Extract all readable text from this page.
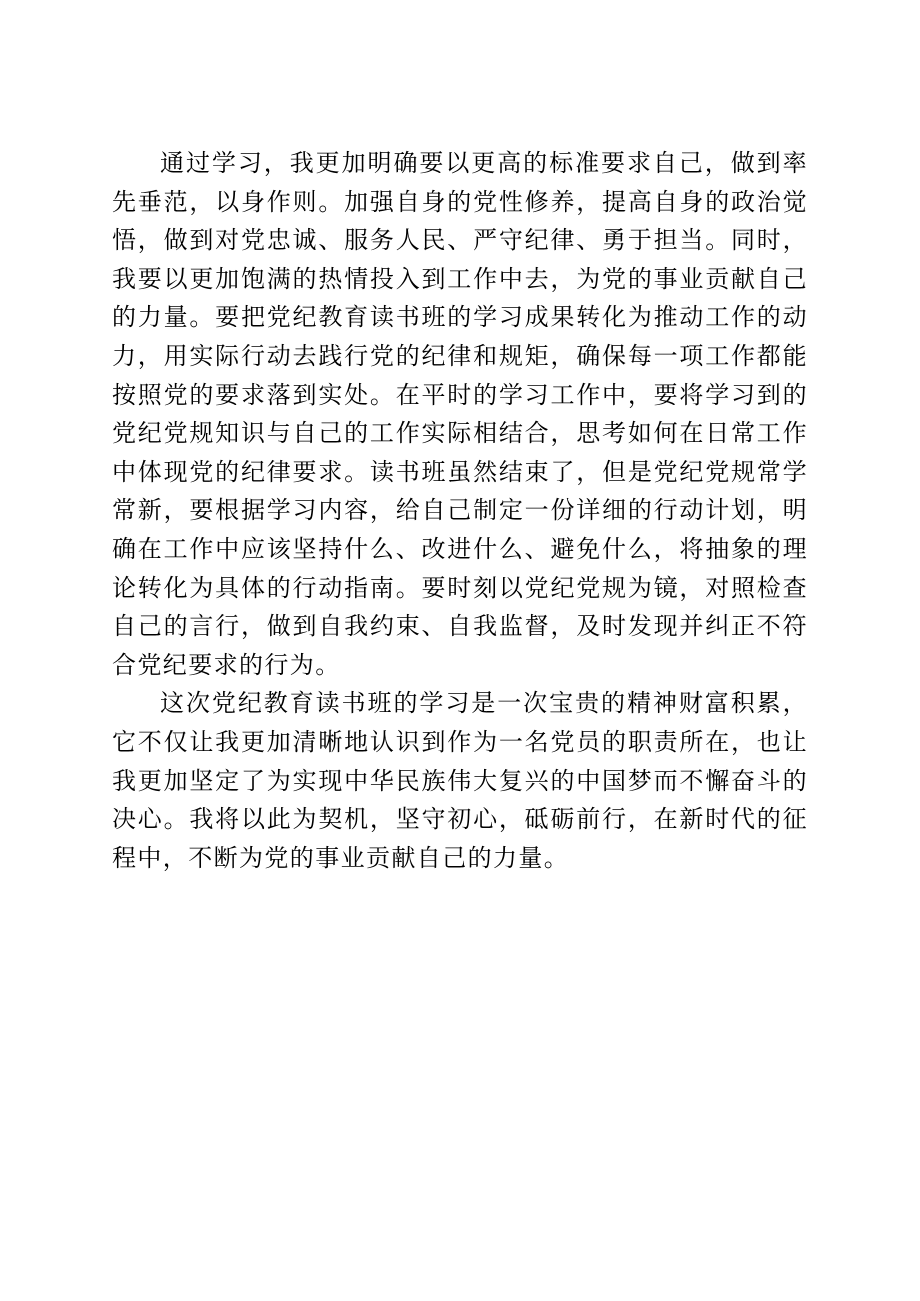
通过学习，我更加明确要以更高的标准要求自己，做到率先垂范，以身作则。加强自身的党性修养，提高自身的政治觉悟，做到对党忠诚、服务人民、严守纪律、勇于担当。同时，我要以更加饱满的热情投入到工作中去，为党的事业贡献自己的力量。要把党纪教育读书班的学习成果转化为推动工作的动力，用实际行动去践行党的纪律和规矩，确保每一项工作都能按照党的要求落到实处。在平时的学习工作中，要将学习到的党纪党规知识与自己的工作实际相结合，思考如何在日常工作中体现党的纪律要求。读书班虽然结束了，但是党纪党规常学常新，要根据学习内容，给自己制定一份详细的行动计划，明确在工作中应该坚持什么、改进什么、避免什么，将抽象的理论转化为具体的行动指南。要时刻以党纪党规为镜，对照检查自己的言行，做到自我约束、自我监督，及时发现并纠正不符合党纪要求的行为。

这次党纪教育读书班的学习是一次宝贵的精神财富积累，它不仅让我更加清晰地认识到作为一名党员的职责所在，也让我更加坚定了为实现中华民族伟大复兴的中国梦而不懈奋斗的决心。我将以此为契机，坚守初心，砥砺前行，在新时代的征程中，不断为党的事业贡献自己的力量。
